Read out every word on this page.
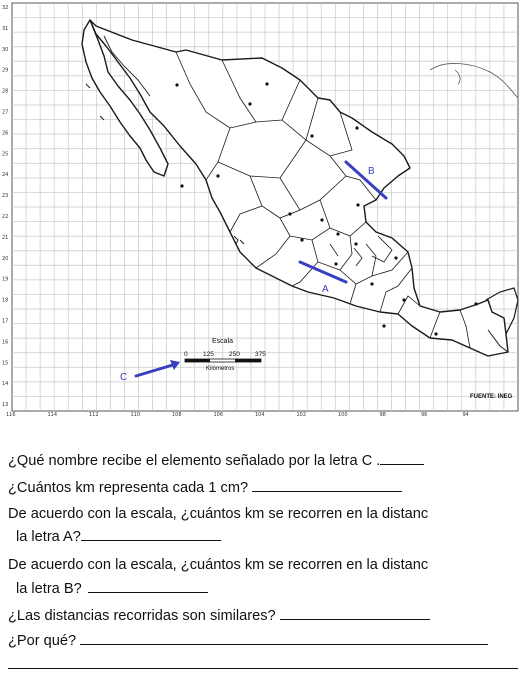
B
A
C
Escala
0 125 250 375
Kilómetros
FUENTE: INEG
32
31
30
29
28
27
26
25
24
23
22
21
20
19
18
17
16
15
14
13
116	114	112	110	108	106	104	102	100	98	96	94
¿Qué nombre recibe el elemento señalado por la letra C .
¿Cuántos km representa cada 1 cm?
De acuerdo con la escala, ¿cuántos km se recorren en la distanc
la letra A?
De acuerdo con la escala, ¿cuántos km se recorren en la distanc
la letra B?
¿Las distancias recorridas son similares?
¿Por qué?
